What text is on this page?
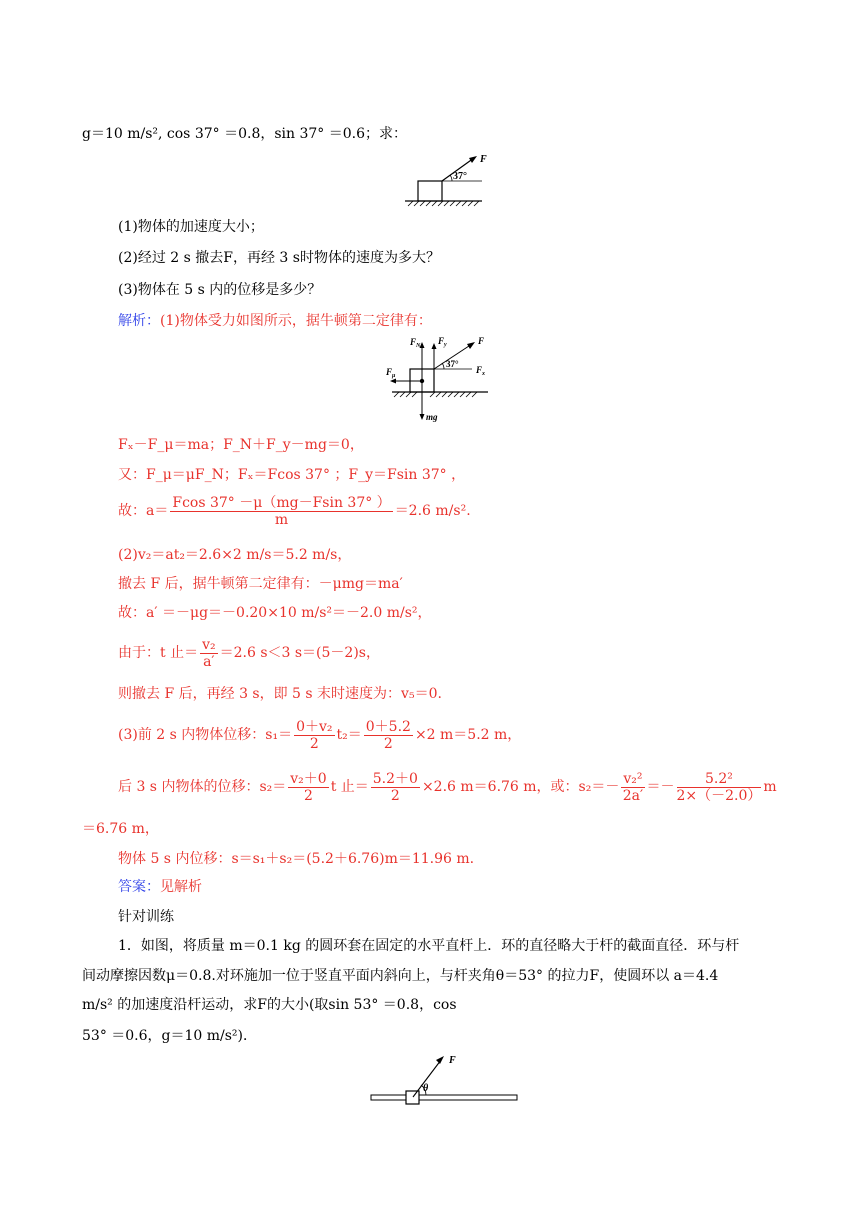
g＝10 m/s², cos 37° ＝0.8，sin 37° ＝0.6；求：
F
37°
(1)物体的加速度大小；
(2)经过 2 s 撤去F，再经 3 s时物体的速度为多大？
(3)物体在 5 s 内的位移是多少？
解析：(1)物体受力如图所示，据牛顿第二定律有：
$F_N$ $F_y$	F
37°
$F_x$
$F_\mu$
mg
Fₓ－F_μ＝ma；F_N＋F_y－mg＝0，
又：F_μ＝μF_N；Fₓ＝Fcos 37° ；F_y＝Fsin 37° ，
故：$a= \frac{Fcos 37^\circ -\mu(mg-Fsin 37^\circ )}{m} =2.6$ m/s².
(2)v₂＝at₂＝2.6×2 m/s＝5.2 m/s，
撤去 F 后，据牛顿第二定律有：－μmg＝ma′
故：a′ ＝－μg＝－0.20×10 m/s²＝－2.0 m/s²，
由于：t 止＝ $\frac{\text{v₂}}{a'} =2.6$ s＜3 s＝(5－2)s，
则撤去 F 后，再经 3 s，即 5 s 末时速度为：v₅＝0.
(3)前 2 s 内物体位移：$s_1= \frac{\text{0＋v₂}}{2} t_2= \frac{0+5.2}{2} \times 2$ m＝5.2 m，
后 3 s 内物体的位移：$s_2= \frac{\text{v₂＋0}}{2}$ t 止＝ $\frac{5.2+0}{2} \times 2.6$ m＝6.76 m，或：$s_2=- \frac{\text{v₂²}}{2a'} =- \frac{\text{5.2²}}{2\times(-2.0)}$ m
＝6.76 m，
物体 5 s 内位移：s＝s₁＋s₂＝(5.2＋6.76)m＝11.96 m.
答案：见解析
针对训练
1．如图，将质量 m＝0.1 kg 的圆环套在固定的水平直杆上．环的直径略大于杆的截面直径．环与杆
间动摩擦因数μ＝0.8.对环施加一位于竖直平面内斜向上，与杆夹角θ＝53° 的拉力F，使圆环以 a＝4.4
m/s² 的加速度沿杆运动，求F的大小(取sin 53° ＝0.8，cos
53° ＝0.6，g＝10 m/s²)．
F
θ
